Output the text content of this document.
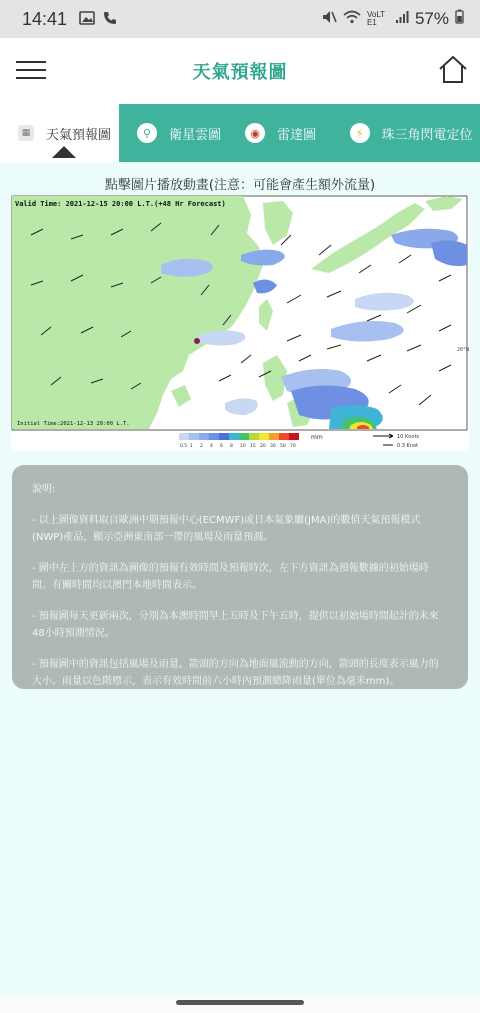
14:41	VoLTE1	57%
天氣預報圖
▦ 天氣預報圖	⚲	衛星雲圖	◉	雷達圖	⚡	珠三角閃電定位
點擊圖片播放動畫(注意：可能會產生額外流量)
20°N
Valid Time: 2021-12-15 20:00 L.T.(+48 Hr Forecast)
Initial Time:2021-12-13 20:00 L.T.
0.5 1 2 4 6 8 10 15 20 30 50 70
mm	10 Knots
0.3 Knot
說明:
- 以上圖像資料取自歐洲中期預報中心(ECMWF)或日本氣象廳(JMA)的數值天氣預報模式(NWP)產品，顯示亞洲東南部一帶的風場及雨量預測。
- 圖中左上方的資訊為圖像的預報有效時間及預報時次，左下方資訊為預報數據的初始場時間。有關時間均以澳門本地時間表示。
- 預報圖每天更新兩次，分別為本澳時間早上五時及下午五時，提供以初始場時間起計的未來48小時預測情況。
- 預報圖中的資訊包括風場及雨量。箭頭的方向為地面風流動的方向，箭頭的長度表示風力的大小。雨量以色階標示，表示有效時間前六小時內預測總降雨量(單位為毫米mm)。
